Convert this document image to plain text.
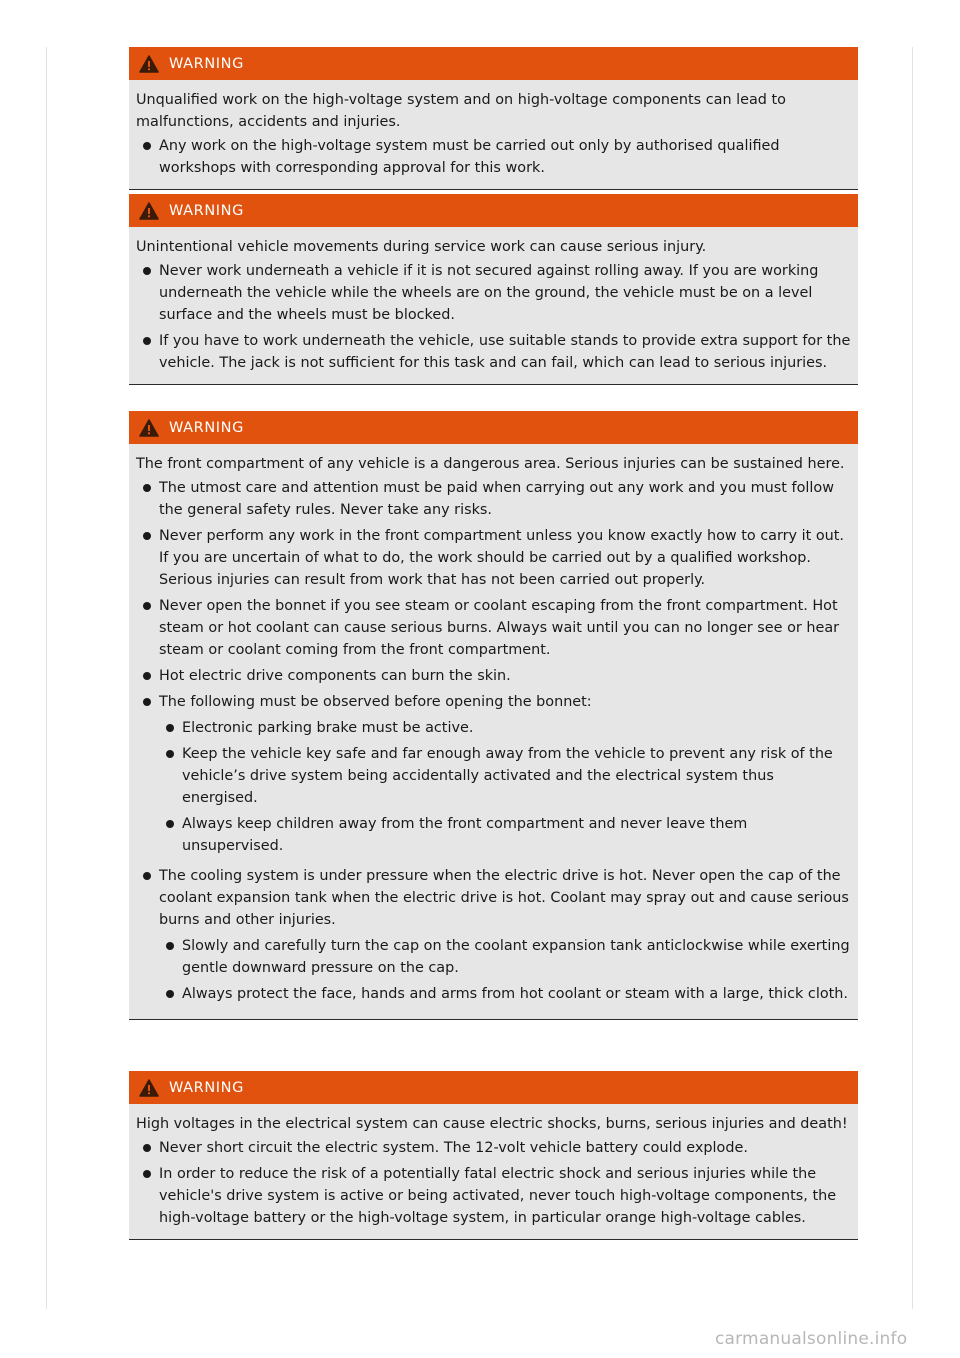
WARNING

Unqualified work on the high-voltage system and on high-voltage components can lead to malfunctions, accidents and injuries.

Any work on the high-voltage system must be carried out only by authorised qualified workshops with corresponding approval for this work.
WARNING

Unintentional vehicle movements during service work can cause serious injury.

Never work underneath a vehicle if it is not secured against rolling away. If you are working underneath the vehicle while the wheels are on the ground, the vehicle must be on a level surface and the wheels must be blocked.
If you have to work underneath the vehicle, use suitable stands to provide extra support for the vehicle. The jack is not sufficient for this task and can fail, which can lead to serious injuries.
WARNING

The front compartment of any vehicle is a dangerous area. Serious injuries can be sustained here.

The utmost care and attention must be paid when carrying out any work and you must follow the general safety rules. Never take any risks.
Never perform any work in the front compartment unless you know exactly how to carry it out. If you are uncertain of what to do, the work should be carried out by a qualified workshop. Serious injuries can result from work that has not been carried out properly.
Never open the bonnet if you see steam or coolant escaping from the front compartment. Hot steam or hot coolant can cause serious burns. Always wait until you can no longer see or hear steam or coolant coming from the front compartment.
Hot electric drive components can burn the skin.
The following must be observed before opening the bonnet:
Electronic parking brake must be active.
Keep the vehicle key safe and far enough away from the vehicle to prevent any risk of the vehicle’s drive system being accidentally activated and the electrical system thus energised.
Always keep children away from the front compartment and never leave them unsupervised.
The cooling system is under pressure when the electric drive is hot. Never open the cap of the coolant expansion tank when the electric drive is hot. Coolant may spray out and cause serious burns and other injuries.
Slowly and carefully turn the cap on the coolant expansion tank anticlockwise while exerting gentle downward pressure on the cap.
Always protect the face, hands and arms from hot coolant or steam with a large, thick cloth.
WARNING

High voltages in the electrical system can cause electric shocks, burns, serious injuries and death!

Never short circuit the electric system. The 12-volt vehicle battery could explode.
In order to reduce the risk of a potentially fatal electric shock and serious injuries while the vehicle's drive system is active or being activated, never touch high-voltage components, the high-voltage battery or the high-voltage system, in particular orange high-voltage cables.
carmanualsonline.info
